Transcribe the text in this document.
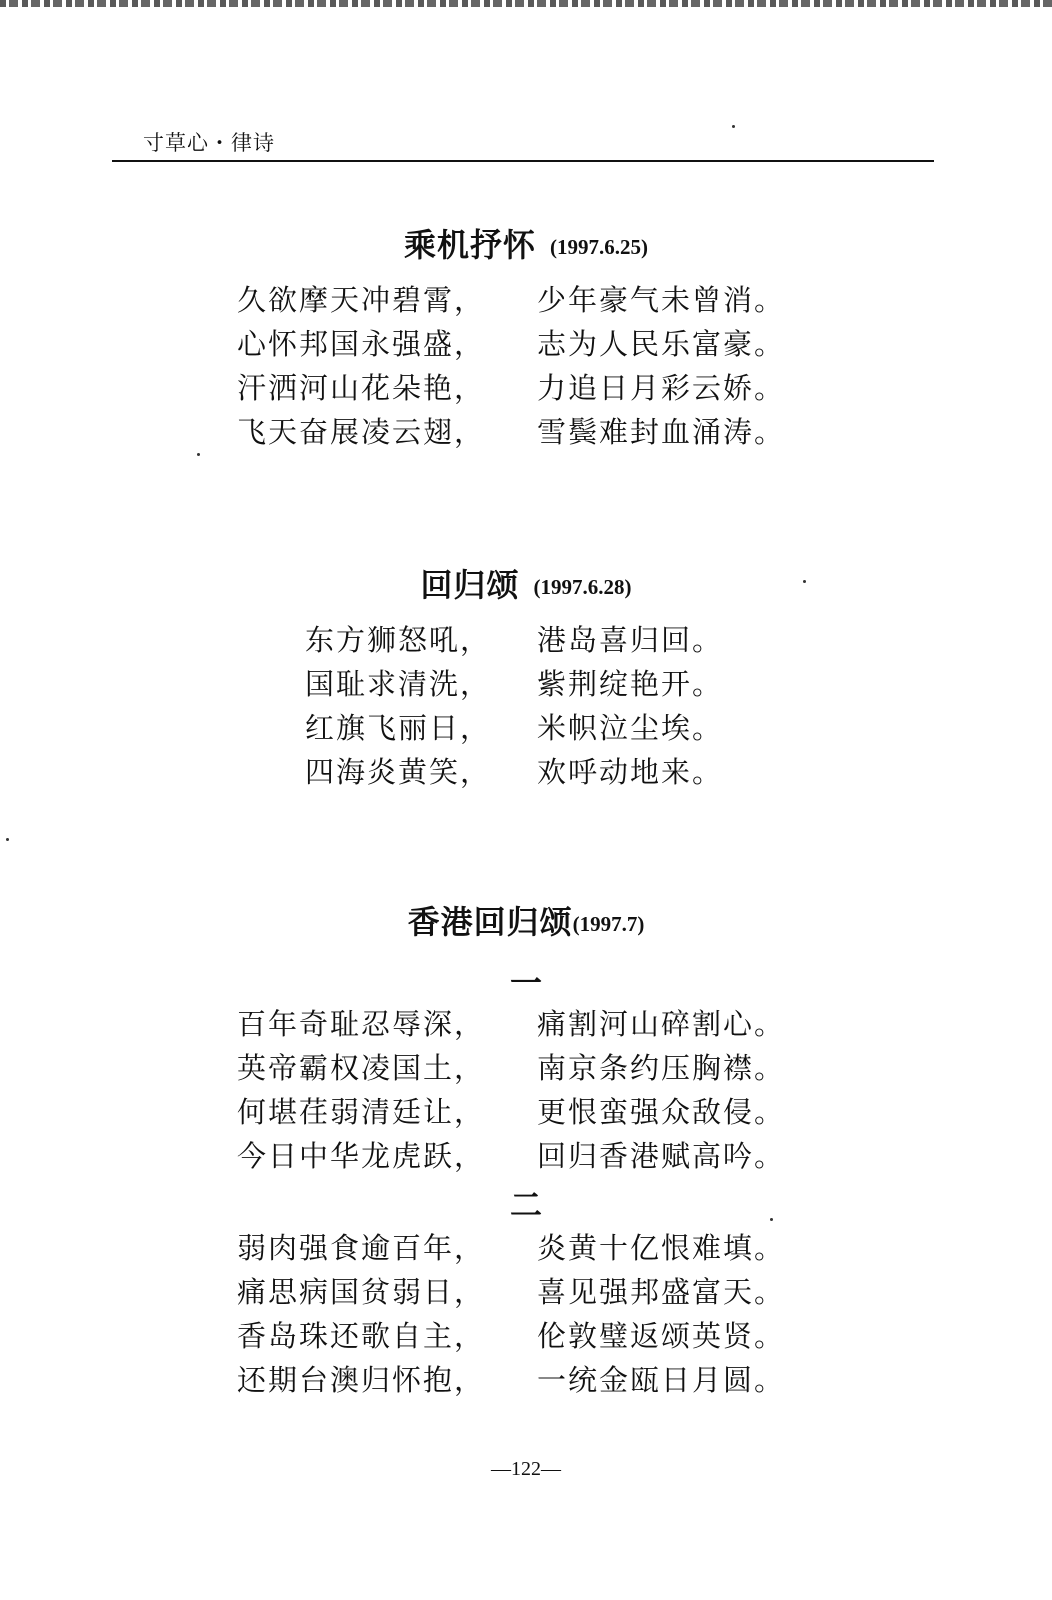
寸草心・律诗
乘机抒怀 (1997.6.25)
久欲摩天冲碧霄， 少年豪气未曾消。
心怀邦国永强盛， 志为人民乐富豪。
汗洒河山花朵艳， 力追日月彩云娇。
飞天奋展凌云翅， 雪鬓难封血涌涛。
回归颂 (1997.6.28)
东方狮怒吼， 港岛喜归回。
国耻求清洗， 紫荆绽艳开。
红旗飞丽日， 米帜泣尘埃。
四海炎黄笑， 欢呼动地来。
香港回归颂(1997.7)
一
百年奇耻忍辱深， 痛割河山碎割心。
英帝霸权凌国土， 南京条约压胸襟。
何堪荏弱清廷让， 更恨蛮强众敌侵。
今日中华龙虎跃， 回归香港赋高吟。
二
弱肉强食逾百年， 炎黄十亿恨难填。
痛思病国贫弱日， 喜见强邦盛富天。
香岛珠还歌自主， 伦敦璧返颂英贤。
还期台澳归怀抱， 一统金瓯日月圆。
—122—
